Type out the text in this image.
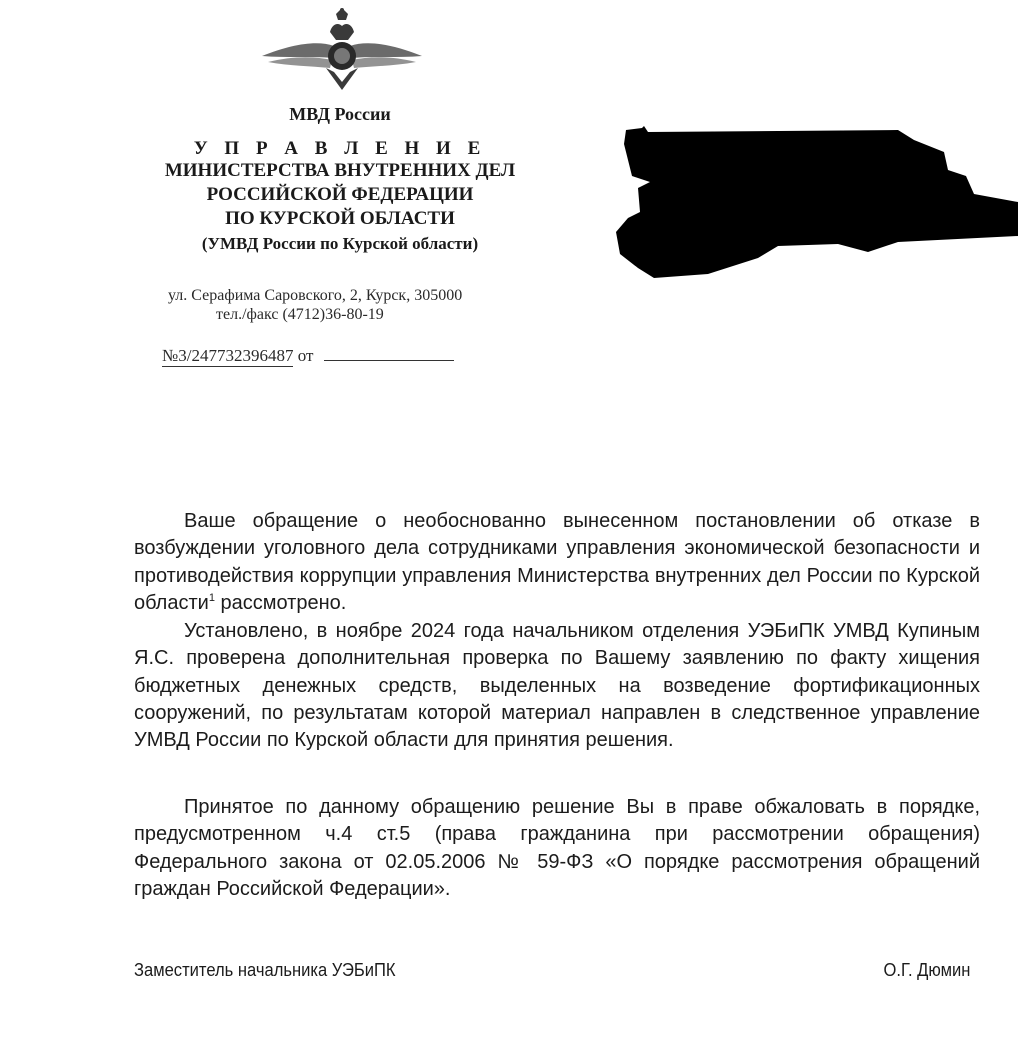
МВД России
У П Р А В Л Е Н И Е
МИНИСТЕРСТВА ВНУТРЕННИХ ДЕЛ
РОССИЙСКОЙ ФЕДЕРАЦИИ
ПО КУРСКОЙ ОБЛАСТИ
(УМВД России по Курской области)
ул. Серафима Саровского, 2, Курск, 305000
тел./факс (4712)36-80-19
№3/247732396487 от

Ваше обращение о необоснованно вынесенном постановлении об отказе в возбуждении уголовного дела сотрудниками управления экономической безопасности и противодействия коррупции управления Министерства внутренних дел России по Курской области$^1$ рассмотрено.

Установлено, в ноябре 2024 года начальником отделения УЭБиПК УМВД Купиным Я.С. проверена дополнительная проверка по Вашему заявлению по факту хищения бюджетных денежных средств, выделенных на возведение фортификационных сооружений, по результатам которой материал направлен в следственное управление УМВД России по Курской области для принятия решения.

Принятое по данному обращению решение Вы в праве обжаловать в порядке, предусмотренном ч.4 ст.5 (права гражданина при рассмотрении обращения) Федерального закона от 02.05.2006 № 59-ФЗ «О порядке рассмотрения обращений граждан Российской Федерации».

Заместитель начальника УЭБиПК	О.Г. Дюмин
